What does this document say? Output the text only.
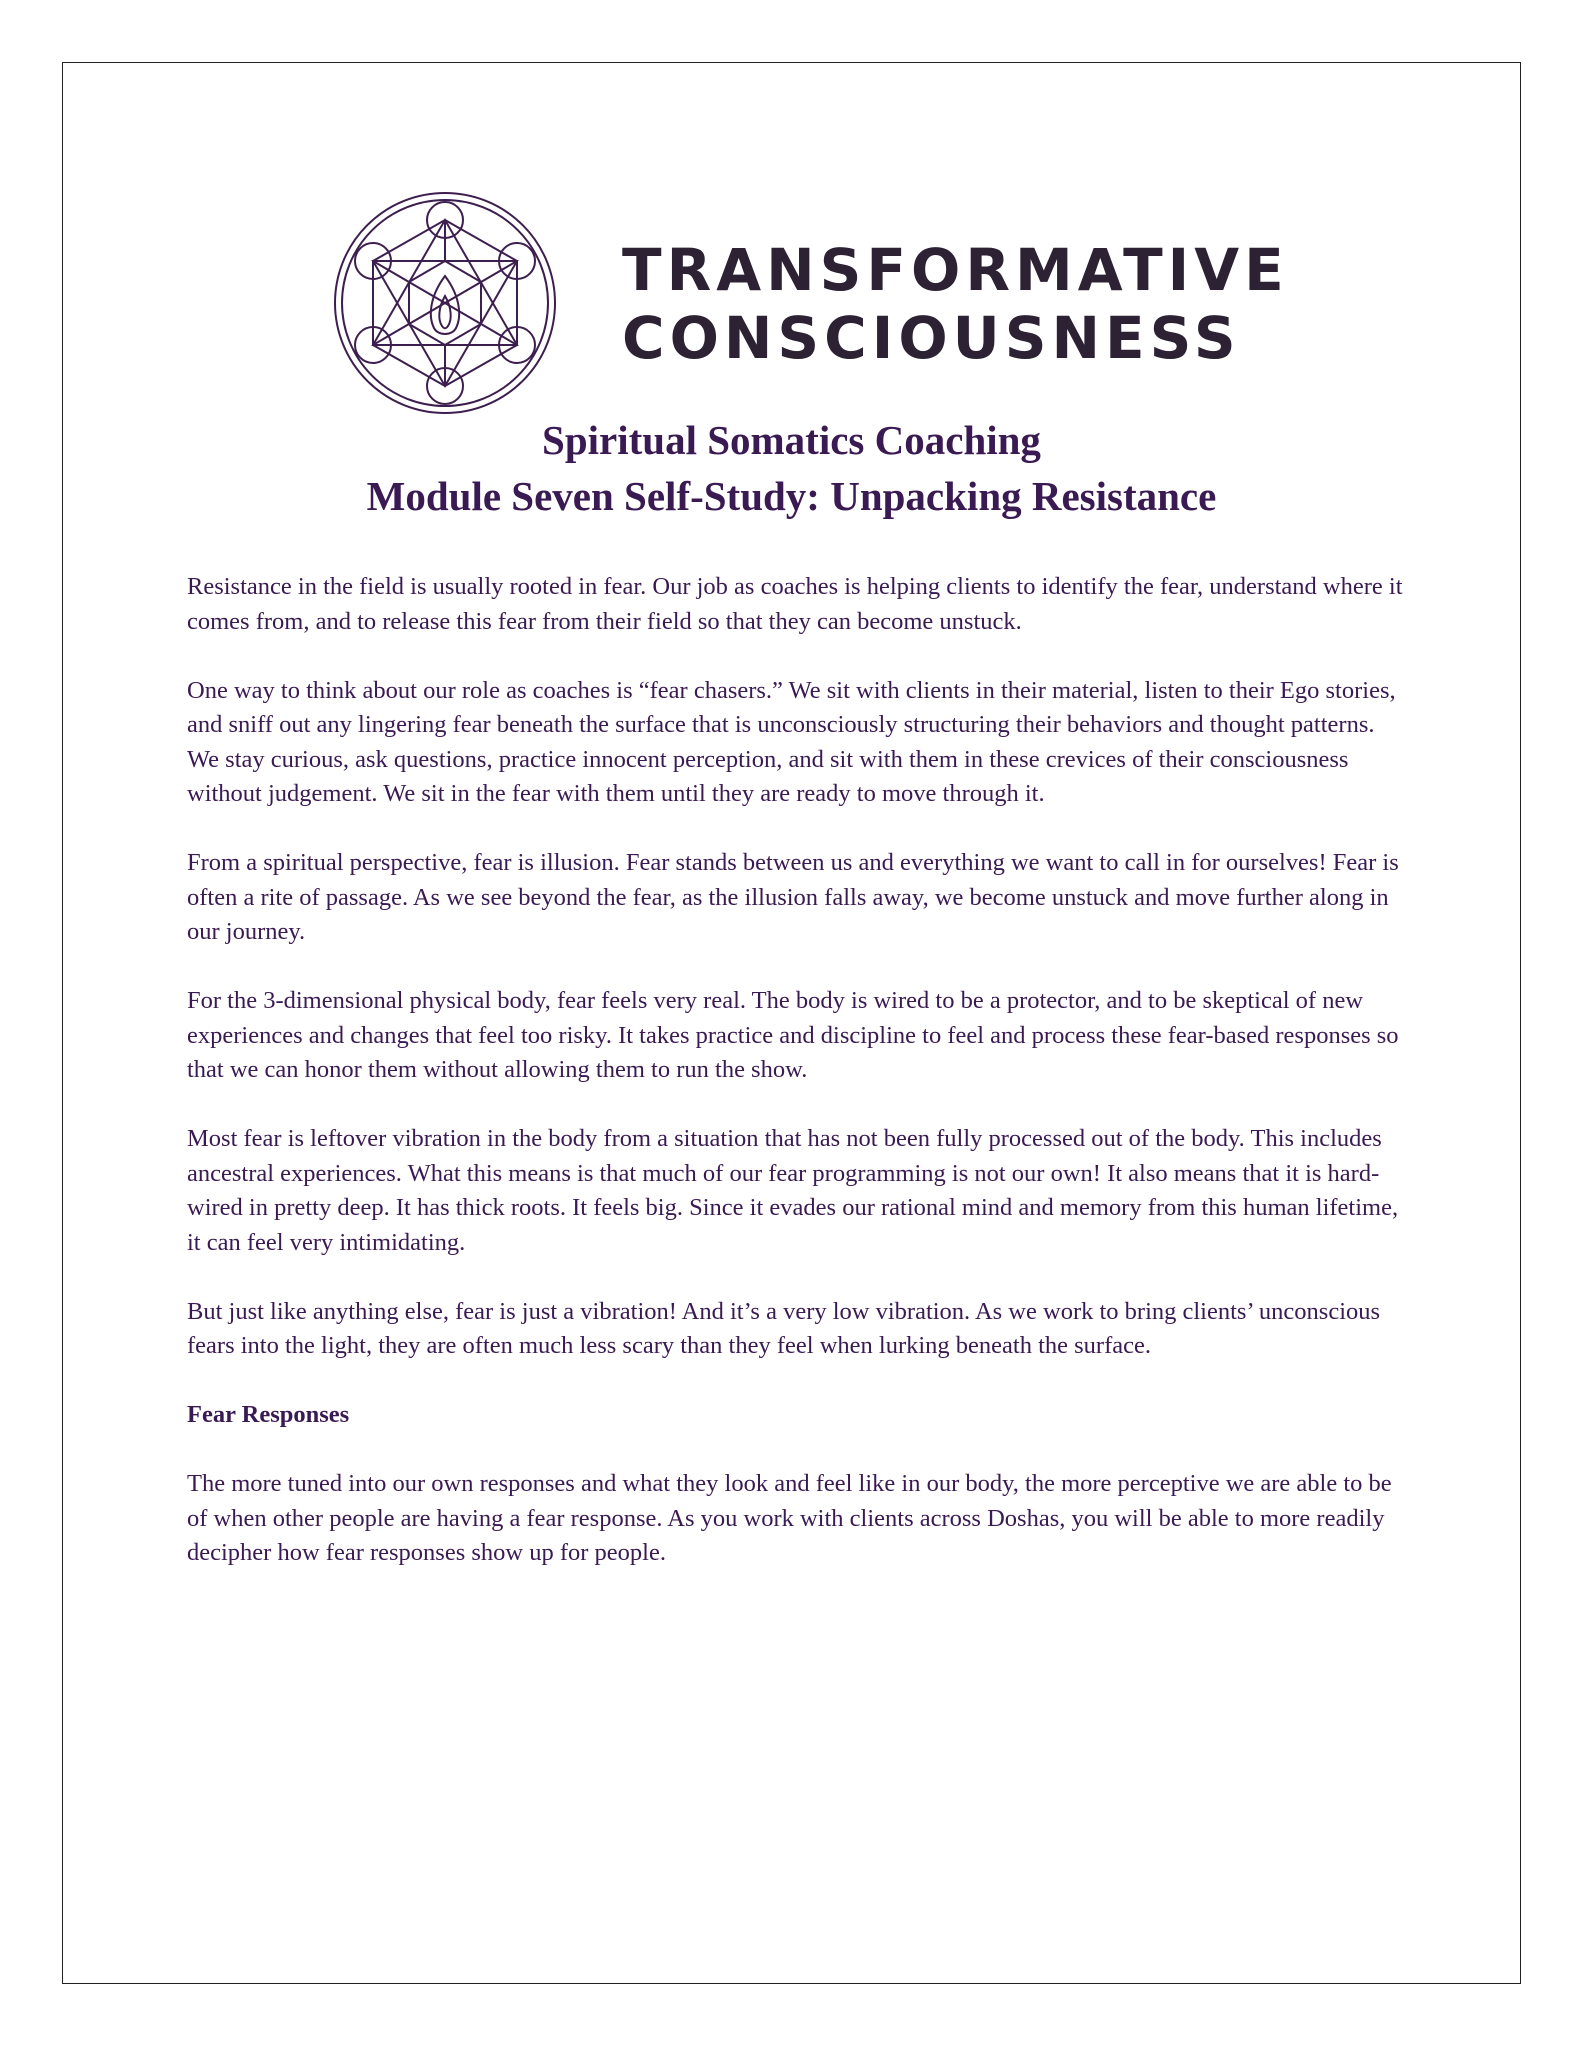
TRANSFORMATIVE
CONSCIOUSNESS
Spiritual Somatics Coaching
Module Seven Self-Study: Unpacking Resistance

Resistance in the field is usually rooted in fear. Our job as coaches is helping clients to identify the fear, understand where it comes from, and to release this fear from their field so that they can become unstuck.

One way to think about our role as coaches is “fear chasers.” We sit with clients in their material, listen to their Ego stories, and sniff out any lingering fear beneath the surface that is unconsciously structuring their behaviors and thought patterns. We stay curious, ask questions, practice innocent perception, and sit with them in these crevices of their consciousness without judgement. We sit in the fear with them until they are ready to move through it.

From a spiritual perspective, fear is illusion. Fear stands between us and everything we want to call in for ourselves! Fear is often a rite of passage. As we see beyond the fear, as the illusion falls away, we become unstuck and move further along in our journey.

For the 3-dimensional physical body, fear feels very real. The body is wired to be a protector, and to be skeptical of new experiences and changes that feel too risky. It takes practice and discipline to feel and process these fear-based responses so that we can honor them without allowing them to run the show.

Most fear is leftover vibration in the body from a situation that has not been fully processed out of the body. This includes ancestral experiences. What this means is that much of our fear programming is not our own! It also means that it is hard-wired in pretty deep. It has thick roots. It feels big. Since it evades our rational mind and memory from this human lifetime, it can feel very intimidating.

But just like anything else, fear is just a vibration! And it’s a very low vibration. As we work to bring clients’ unconscious fears into the light, they are often much less scary than they feel when lurking beneath the surface.

Fear Responses

The more tuned into our own responses and what they look and feel like in our body, the more perceptive we are able to be of when other people are having a fear response. As you work with clients across Doshas, you will be able to more readily decipher how fear responses show up for people.
